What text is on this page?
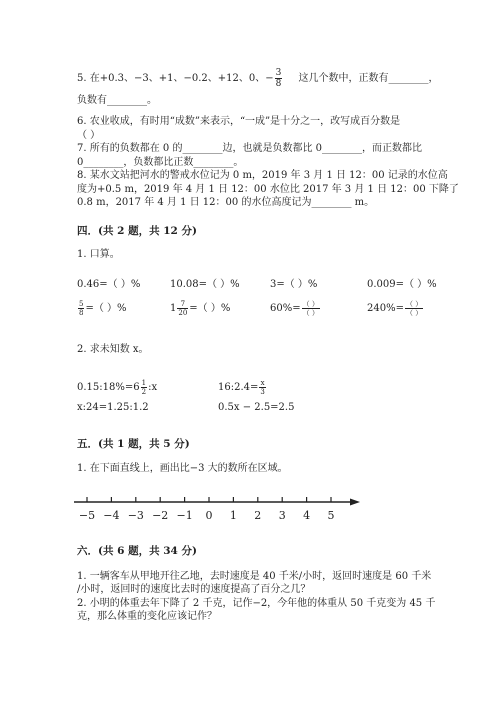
5. 在+0.3、−3、+1、−0.2、+12、0、− $\frac{3}{8}$ 这几个数中，正数有________，
负数有________。
6. 农业收成，有时用“成数”来表示，“一成”是十分之一，改写成百分数是
（ ）
7. 所有的负数都在 0 的________边，也就是负数都比 0________，而正数都比
0________，负数都比正数________。
8. 某水文站把河水的警戒水位记为 0 m，2019 年 3 月 1 日 12：00 记录的水位高
度为+0.5 m，2019 年 4 月 1 日 12：00 水位比 2017 年 3 月 1 日 12：00 下降了
0.8 m，2017 年 4 月 1 日 12：00 的水位高度记为________ m。
四．(共 2 题，共 12 分)
1. 口算。
0.46=（ ）%	10.08=（ ）%	3=（ ）%	0.009=（ ）%
$\frac{5}{8}$ =（ ）%	$1 \frac{7}{20}$ =（ ）%	$60\%= \frac{( )}{( )}$	$240\%= \frac{( )}{( )}$
2. 求未知数 x。
0.15:18%=6 $\frac{1}{2}$ :x	16:2.4= $\frac{x}{3}$
x:24=1.25:1.2	0.5x − 2.5=2.5
五．(共 1 题，共 5 分)
1. 在下面直线上，画出比−3 大的数所在区域。
−5 −4 −3 −2 −1 0 1 2 3 4 5
六．(共 6 题，共 34 分)
1. 一辆客车从甲地开往乙地，去时速度是 40 千米/小时，返回时速度是 60 千米
/小时，返回时的速度比去时的速度提高了百分之几？
2. 小明的体重去年下降了 2 千克，记作−2，今年他的体重从 50 千克变为 45 千
克，那么体重的变化应该记作？
